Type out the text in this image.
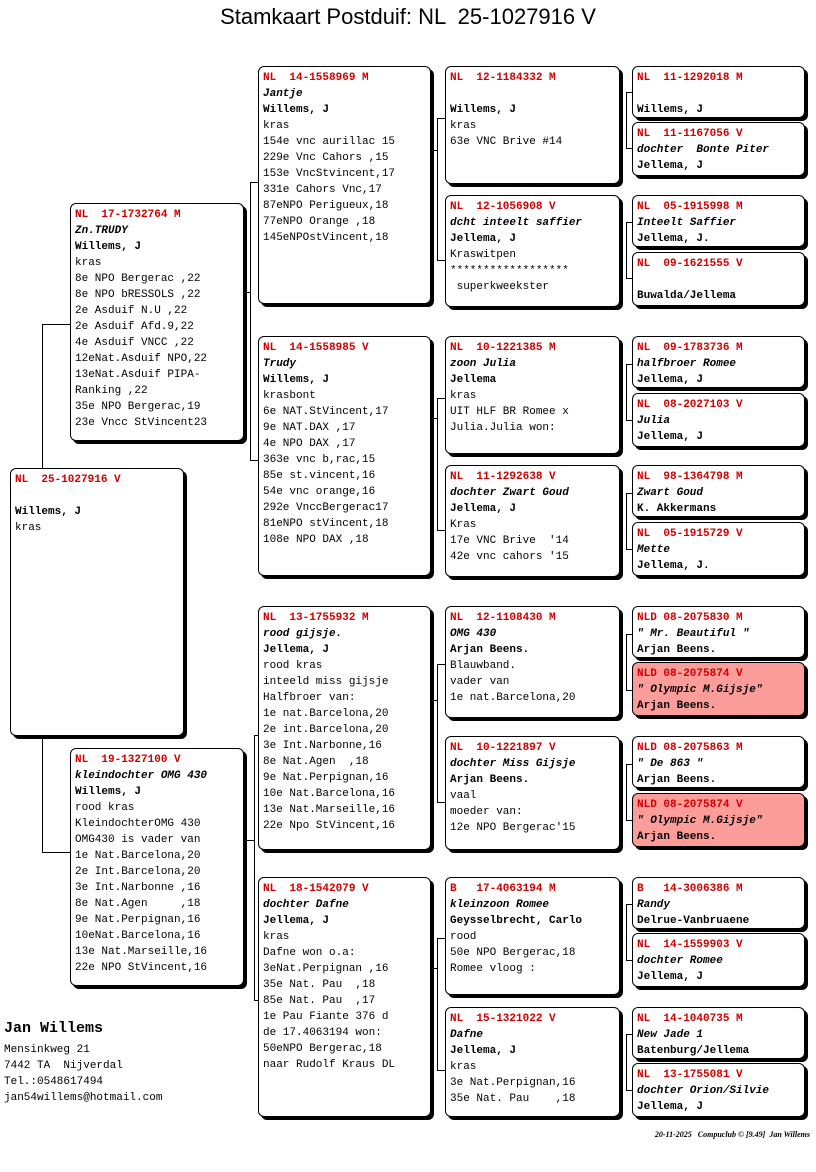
Stamkaart Postduif: NL  25-1027916 V
NL  25-1027916 V
Willems, J
kras
NL  17-1732764 M
Zn.TRUDY
Willems, J
kras
8e NPO Bergerac ,22
8e NPO bRESSOLS ,22
2e Asduif N.U ,22
2e Asduif Afd.9,22
4e Asduif VNCC ,22
12eNat.Asduif NPO,22
13eNat.Asduif PIPA-
Ranking ,22
35e NPO Bergerac,19
23e Vncc StVincent23
NL  19-1327100 V
kleindochter OMG 430
Willems, J
rood kras
KleindochterOMG 430
OMG430 is vader van
1e Nat.Barcelona,20
2e Int.Barcelona,20
3e Int.Narbonne ,16
8e Nat.Agen     ,18
9e Nat.Perpignan,16
10eNat.Barcelona,16
13e Nat.Marseille,16
22e NPO StVincent,16
NL  14-1558969 M
Jantje
Willems, J
kras
154e vnc aurillac 15
229e Vnc Cahors ,15
153e VncStvincent,17
331e Cahors Vnc,17
87eNPO Perigueux,18
77eNPO Orange ,18
145eNPOstVincent,18
NL  14-1558985 V
Trudy
Willems, J
krasbont
6e NAT.StVincent,17
9e NAT.DAX ,17
4e NPO DAX ,17
363e vnc b,rac,15
85e st.vincent,16
54e vnc orange,16
292e VnccBergerac17
81eNPO stVincent,18
108e NPO DAX ,18
NL  13-1755932 M
rood gijsje.
Jellema, J
rood kras
inteeld miss gijsje
Halfbroer van:
1e nat.Barcelona,20
2e int.Barcelona,20
3e Int.Narbonne,16
8e Nat.Agen  ,18
9e Nat.Perpignan,16
10e Nat.Barcelona,16
13e Nat.Marseille,16
22e Npo StVincent,16
NL  18-1542079 V
dochter Dafne
Jellema, J
kras
Dafne won o.a:
3eNat.Perpignan ,16
35e Nat. Pau  ,18
85e Nat. Pau  ,17
1e Pau Fiante 376 d
de 17.4063194 won:
50eNPO Bergerac,18
naar Rudolf Kraus DL
NL  12-1184332 M
Willems, J
kras
63e VNC Brive #14
NL  12-1056908 V
dcht inteelt saffier
Jellema, J
Kraswitpen
******************
superkweekster
NL  10-1221385 M
zoon Julia
Jellema
kras
UIT HLF BR Romee x
Julia.Julia won:
NL  11-1292638 V
dochter Zwart Goud
Jellema, J
Kras
17e VNC Brive  '14
42e vnc cahors '15
NL  12-1108430 M
OMG 430
Arjan Beens.
Blauwband.
vader van
1e nat.Barcelona,20
NL  10-1221897 V
dochter Miss Gijsje
Arjan Beens.
vaal
moeder van:
12e NPO Bergerac'15
B   17-4063194 M
kleinzoon Romee
Geysselbrecht, Carlo
rood
50e NPO Bergerac,18
Romee vloog :
NL  15-1321022 V
Dafne
Jellema, J
kras
3e Nat.Perpignan,16
35e Nat. Pau    ,18
NL  11-1292018 M
Willems, J
NL  11-1167056 V
dochter  Bonte Piter
Jellema, J
NL  05-1915998 M
Inteelt Saffier
Jellema, J.
NL  09-1621555 V
Buwalda/Jellema
NL  09-1783736 M
halfbroer Romee
Jellema, J
NL  08-2027103 V
Julia
Jellema, J
NL  98-1364798 M
Zwart Goud
K. Akkermans
NL  05-1915729 V
Mette
Jellema, J.
NLD 08-2075830 M
" Mr. Beautiful "
Arjan Beens.
NLD 08-2075874 V
" Olympic M.Gijsje"
Arjan Beens.
NLD 08-2075863 M
" De 863 "
Arjan Beens.
NLD 08-2075874 V
" Olympic M.Gijsje"
Arjan Beens.
B   14-3006386 M
Randy
Delrue-Vanbruaene
NL  14-1559903 V
dochter Romee
Jellema, J
NL  14-1040735 M
New Jade 1
Batenburg/Jellema
NL  13-1755081 V
dochter Orion/Silvie
Jellema, J
Jan Willems
Mensinkweg 21
7442 TA  Nijverdal
Tel.:0548617494
jan54willems@hotmail.com
20-11-2025   Compuclub © [9.49]  Jan Willems
